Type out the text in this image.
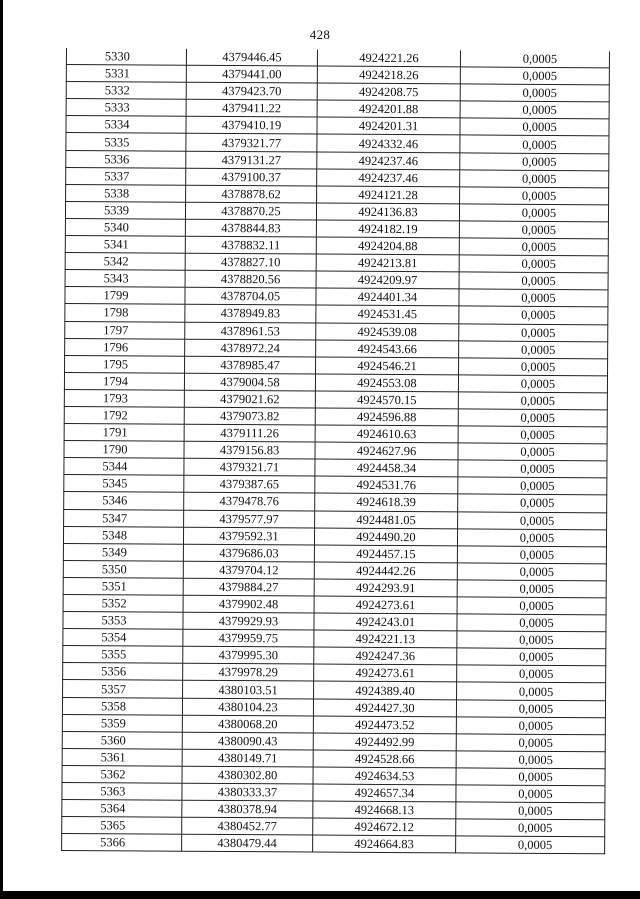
428
5330	4379446.45	4924221.26	0,0005
5331	4379441.00	4924218.26	0,0005
5332	4379423.70	4924208.75	0,0005
5333	4379411.22	4924201.88	0,0005
5334	4379410.19	4924201.31	0,0005
5335	4379321.77	4924332.46	0,0005
5336	4379131.27	4924237.46	0,0005
5337	4379100.37	4924237.46	0,0005
5338	4378878.62	4924121.28	0,0005
5339	4378870.25	4924136.83	0,0005
5340	4378844.83	4924182.19	0,0005
5341	4378832.11	4924204.88	0,0005
5342	4378827.10	4924213.81	0,0005
5343	4378820.56	4924209.97	0,0005
1799	4378704.05	4924401.34	0,0005
1798	4378949.83	4924531.45	0,0005
1797	4378961.53	4924539.08	0,0005
1796	4378972.24	4924543.66	0,0005
1795	4378985.47	4924546.21	0,0005
1794	4379004.58	4924553.08	0,0005
1793	4379021.62	4924570.15	0,0005
1792	4379073.82	4924596.88	0,0005
1791	4379111.26	4924610.63	0,0005
1790	4379156.83	4924627.96	0,0005
5344	4379321.71	4924458.34	0,0005
5345	4379387.65	4924531.76	0,0005
5346	4379478.76	4924618.39	0,0005
5347	4379577.97	4924481.05	0,0005
5348	4379592.31	4924490.20	0,0005
5349	4379686.03	4924457.15	0,0005
5350	4379704.12	4924442.26	0,0005
5351	4379884.27	4924293.91	0,0005
5352	4379902.48	4924273.61	0,0005
5353	4379929.93	4924243.01	0,0005
5354	4379959.75	4924221.13	0,0005
5355	4379995.30	4924247.36	0,0005
5356	4379978.29	4924273.61	0,0005
5357	4380103.51	4924389.40	0,0005
5358	4380104.23	4924427.30	0,0005
5359	4380068.20	4924473.52	0,0005
5360	4380090.43	4924492.99	0,0005
5361	4380149.71	4924528.66	0,0005
5362	4380302.80	4924634.53	0,0005
5363	4380333.37	4924657.34	0,0005
5364	4380378.94	4924668.13	0,0005
5365	4380452.77	4924672.12	0,0005
5366	4380479.44	4924664.83	0,0005
